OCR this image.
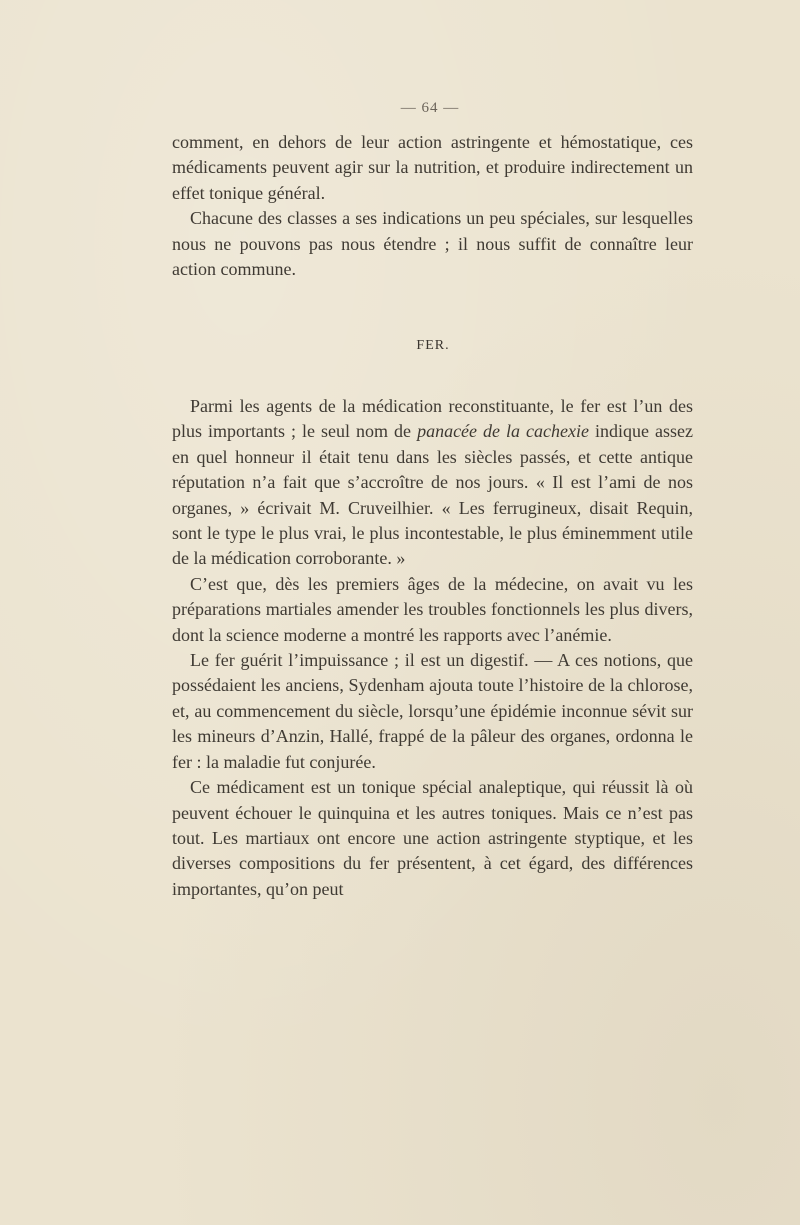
— 64 —

comment, en dehors de leur action astringente et hémostatique, ces médicaments peuvent agir sur la nutrition, et produire indirectement un effet tonique général.

Chacune des classes a ses indications un peu spéciales, sur lesquelles nous ne pouvons pas nous étendre ; il nous suffit de connaître leur action commune.

FER.

Parmi les agents de la médication reconstituante, le fer est l’un des plus importants ; le seul nom de panacée de la cachexie indique assez en quel honneur il était tenu dans les siècles passés, et cette antique réputation n’a fait que s’accroître de nos jours. « Il est l’ami de nos organes, » écrivait M. Cruveilhier. « Les ferrugineux, disait Requin, sont le type le plus vrai, le plus incontestable, le plus éminemment utile de la médication corroborante. »

C’est que, dès les premiers âges de la médecine, on avait vu les préparations martiales amender les troubles fonctionnels les plus divers, dont la science moderne a montré les rapports avec l’anémie.

Le fer guérit l’impuissance ; il est un digestif. — A ces notions, que possédaient les anciens, Sydenham ajouta toute l’histoire de la chlorose, et, au commencement du siècle, lorsqu’une épidémie inconnue sévit sur les mineurs d’Anzin, Hallé, frappé de la pâleur des organes, ordonna le fer : la maladie fut conjurée.

Ce médicament est un tonique spécial analeptique, qui réussit là où peuvent échouer le quinquina et les autres toniques. Mais ce n’est pas tout. Les martiaux ont encore une action astringente styptique, et les diverses compositions du fer présentent, à cet égard, des différences importantes, qu’on peut
